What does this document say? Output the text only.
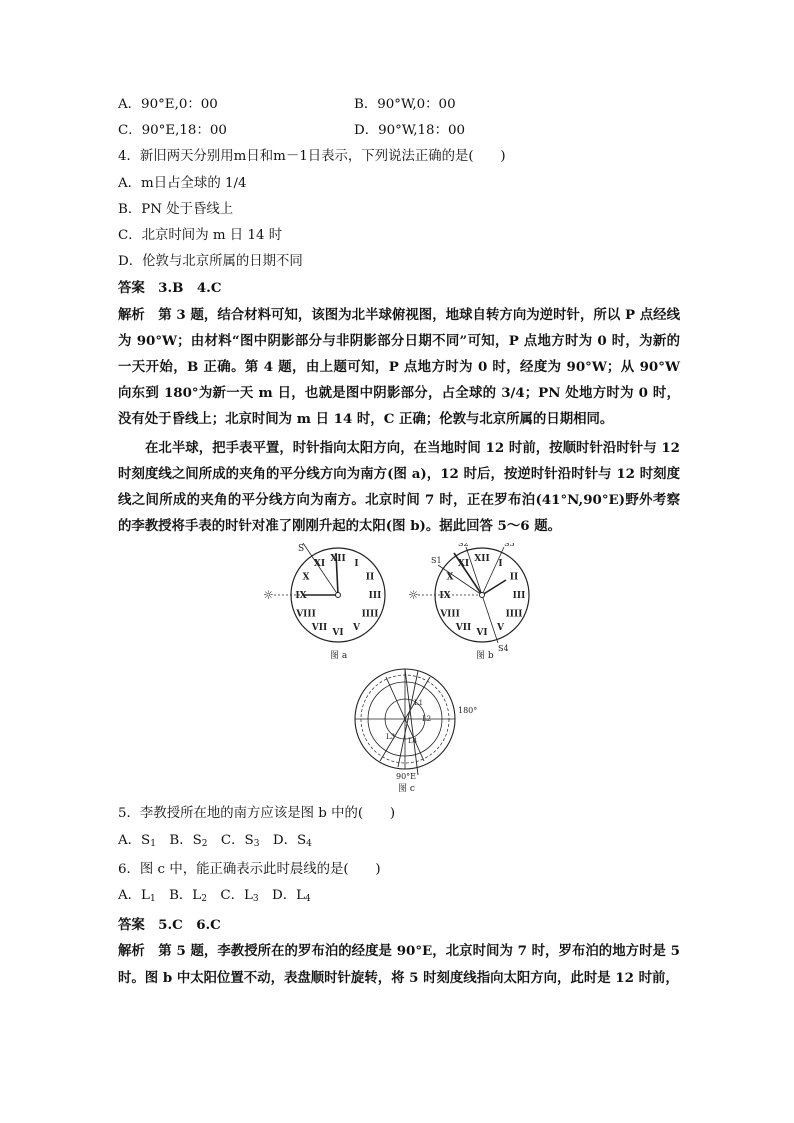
A．90°E,0：00	B．90°W,0：00
C．90°E,18：00	D．90°W,18：00
4．新旧两天分别用m日和m－1日表示，下列说法正确的是(　　)
A．m日占全球的 1/4
B．PN 处于昏线上
C．北京时间为 m 日 14 时
D．伦敦与北京所属的日期不同
答案　3.B　4.C
解析　第 3 题，结合材料可知，该图为北半球俯视图，地球自转方向为逆时针，所以 P 点经线为 90°W；由材料“图中阴影部分与非阴影部分日期不同”可知，P 点地方时为 0 时，为新的一天开始，B 正确。第 4 题，由上题可知，P 点地方时为 0 时，经度为 90°W；从 90°W 向东到 180°为新一天 m 日，也就是图中阴影部分，占全球的 3/4；PN 处地方时为 0 时，没有处于昏线上；北京时间为 m 日 14 时，C 正确；伦敦与北京所属的日期相同。
在北半球，把手表平置，时针指向太阳方向，在当地时间 12 时前，按顺时针沿时针与 12 时刻度线之间所成的夹角的平分线方向为南方(图 a)，12 时后，按逆时针沿时针与 12 时刻度线之间所成的夹角的平分线方向为南方。北京时间 7 时，正在罗布泊(41°N,90°E)野外考察的李教授将手表的时针对准了刚刚升起的太阳(图 b)。据此回答 5～6 题。
XII I
II
III
IIII
V
VI
VII
VIII
IX
X
XI
☼
S
图 a
XII I
II
III
IIII
V
VI
VII
VIII
IX
X
XI
☼
S1
S2	S3
S4
图 b
L1
L2
L3 L4
180°
90°E
图 c
5．李教授所在地的南方应该是图 b 中的(　　)
A．$S_1$　B．$S_2$　C．$S_3$　D．$S_4$
6．图 c 中，能正确表示此时晨线的是(　　)
A．$L_1$　B．$L_2$　C．$L_3$　D．$L_4$
答案　5.C　6.C
解析　第 5 题，李教授所在的罗布泊的经度是 90°E，北京时间为 7 时，罗布泊的地方时是 5 时。图 b 中太阳位置不动，表盘顺时针旋转，将 5 时刻度线指向太阳方向，此时是 12 时前，
